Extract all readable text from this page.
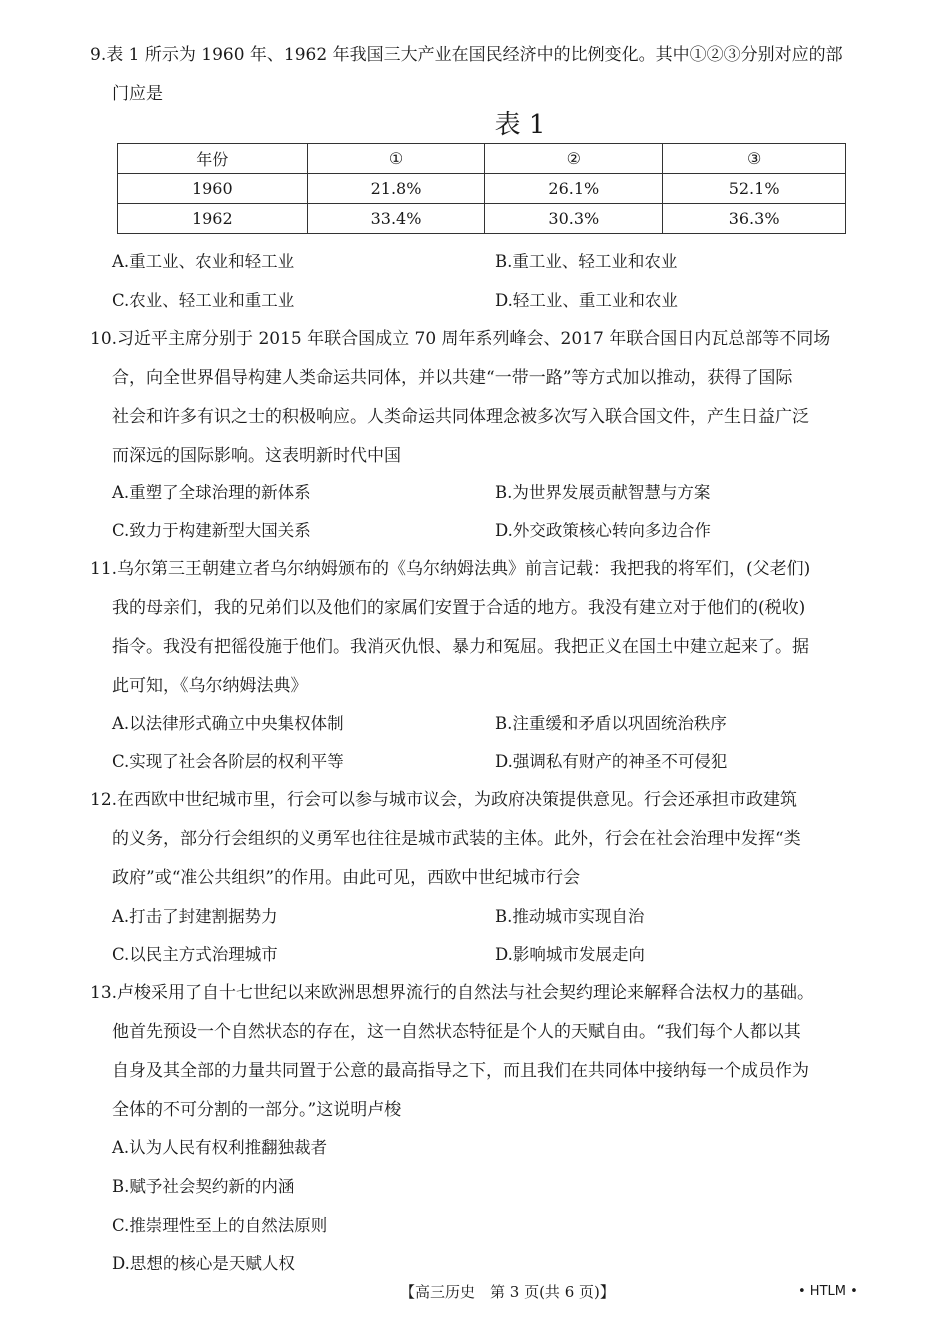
9.表 1 所示为 1960 年、1962 年我国三大产业在国民经济中的比例变化。其中①②③分别对应的部
门应是
表 1
年份	①	②	③
1960	21.8%	26.1%	52.1%
1962	33.4%	30.3%	36.3%
A.重工业、农业和轻工业	B.重工业、轻工业和农业
C.农业、轻工业和重工业	D.轻工业、重工业和农业
10.习近平主席分别于 2015 年联合国成立 70 周年系列峰会、2017 年联合国日内瓦总部等不同场
合，向全世界倡导构建人类命运共同体，并以共建“一带一路”等方式加以推动，获得了国际
社会和许多有识之士的积极响应。人类命运共同体理念被多次写入联合国文件，产生日益广泛
而深远的国际影响。这表明新时代中国
A.重塑了全球治理的新体系	B.为世界发展贡献智慧与方案
C.致力于构建新型大国关系	D.外交政策核心转向多边合作
11.乌尔第三王朝建立者乌尔纳姆颁布的《乌尔纳姆法典》前言记载：我把我的将军们，(父老们)
我的母亲们，我的兄弟们以及他们的家属们安置于合适的地方。我没有建立对于他们的(税收)
指令。我没有把徭役施于他们。我消灭仇恨、暴力和冤屈。我把正义在国土中建立起来了。据
此可知，《乌尔纳姆法典》
A.以法律形式确立中央集权体制	B.注重缓和矛盾以巩固统治秩序
C.实现了社会各阶层的权利平等	D.强调私有财产的神圣不可侵犯
12.在西欧中世纪城市里，行会可以参与城市议会，为政府决策提供意见。行会还承担市政建筑
的义务，部分行会组织的义勇军也往往是城市武装的主体。此外，行会在社会治理中发挥“类
政府”或“准公共组织”的作用。由此可见，西欧中世纪城市行会
A.打击了封建割据势力	B.推动城市实现自治
C.以民主方式治理城市	D.影响城市发展走向
13.卢梭采用了自十七世纪以来欧洲思想界流行的自然法与社会契约理论来解释合法权力的基础。
他首先预设一个自然状态的存在，这一自然状态特征是个人的天赋自由。“我们每个人都以其
自身及其全部的力量共同置于公意的最高指导之下，而且我们在共同体中接纳每一个成员作为
全体的不可分割的一部分。”这说明卢梭
A.认为人民有权利推翻独裁者
B.赋予社会契约新的内涵
C.推崇理性至上的自然法原则
D.思想的核心是天赋人权
【高三历史　第 3 页(共 6 页)】	• HTLM •
